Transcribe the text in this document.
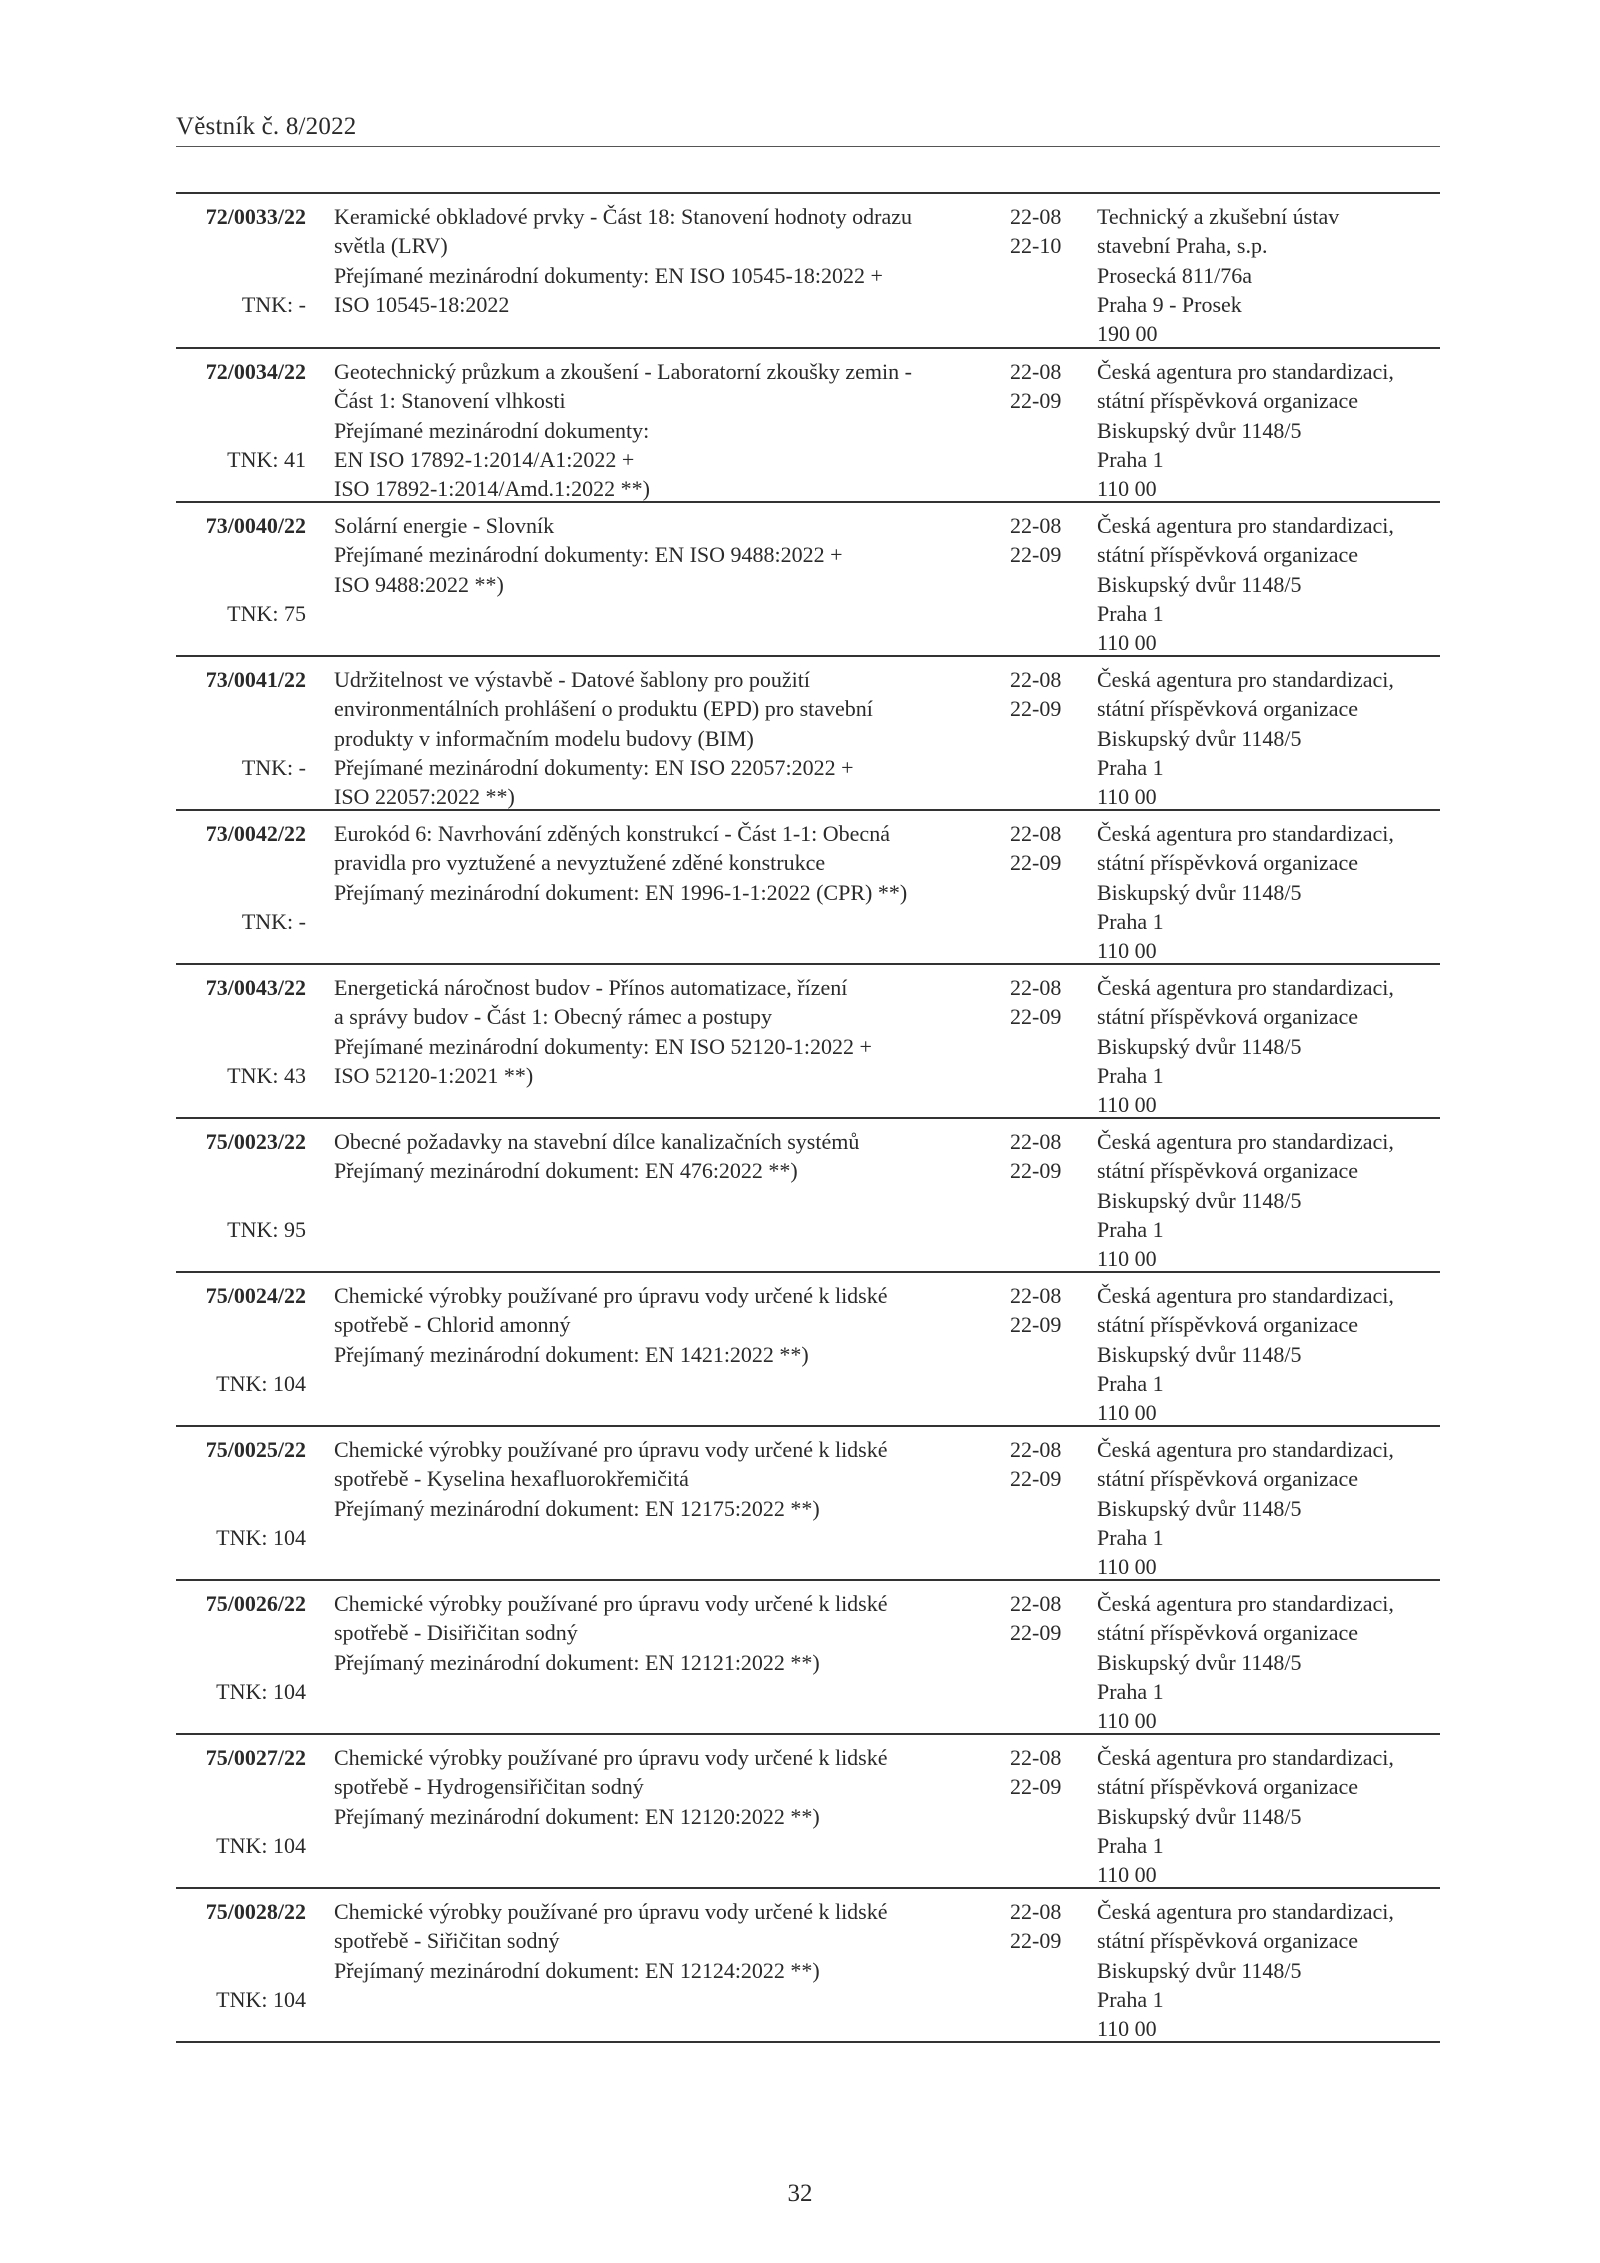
Věstník č. 8/2022
72/0033/22
TNK: -
Keramické obkladové prvky - Část 18: Stanovení hodnoty odrazu
světla (LRV)
Přejímané mezinárodní dokumenty: EN ISO 10545-18:2022 +
ISO 10545-18:2022
22-08
22-10
Technický a zkušební ústav
stavební Praha, s.p.
Prosecká 811/76a
Praha 9 - Prosek
190 00
72/0034/22
TNK: 41
Geotechnický průzkum a zkoušení - Laboratorní zkoušky zemin -
Část 1: Stanovení vlhkosti
Přejímané mezinárodní dokumenty:
EN ISO 17892-1:2014/A1:2022 +
ISO 17892-1:2014/Amd.1:2022 **)
22-08
22-09
Česká agentura pro standardizaci,
státní příspěvková organizace
Biskupský dvůr 1148/5
Praha 1
110 00
73/0040/22
TNK: 75
Solární energie - Slovník
Přejímané mezinárodní dokumenty: EN ISO 9488:2022 +
ISO 9488:2022 **)
22-08
22-09
Česká agentura pro standardizaci,
státní příspěvková organizace
Biskupský dvůr 1148/5
Praha 1
110 00
73/0041/22
TNK: -
Udržitelnost ve výstavbě - Datové šablony pro použití
environmentálních prohlášení o produktu (EPD) pro stavební
produkty v informačním modelu budovy (BIM)
Přejímané mezinárodní dokumenty: EN ISO 22057:2022 +
ISO 22057:2022 **)
22-08
22-09
Česká agentura pro standardizaci,
státní příspěvková organizace
Biskupský dvůr 1148/5
Praha 1
110 00
73/0042/22
TNK: -
Eurokód 6: Navrhování zděných konstrukcí - Část 1-1: Obecná
pravidla pro vyztužené a nevyztužené zděné konstrukce
Přejímaný mezinárodní dokument: EN 1996-1-1:2022 (CPR) **)
22-08
22-09
Česká agentura pro standardizaci,
státní příspěvková organizace
Biskupský dvůr 1148/5
Praha 1
110 00
73/0043/22
TNK: 43
Energetická náročnost budov - Přínos automatizace, řízení
a správy budov - Část 1: Obecný rámec a postupy
Přejímané mezinárodní dokumenty: EN ISO 52120-1:2022 +
ISO 52120-1:2021 **)
22-08
22-09
Česká agentura pro standardizaci,
státní příspěvková organizace
Biskupský dvůr 1148/5
Praha 1
110 00
75/0023/22
TNK: 95
Obecné požadavky na stavební dílce kanalizačních systémů
Přejímaný mezinárodní dokument: EN 476:2022 **)
22-08
22-09
Česká agentura pro standardizaci,
státní příspěvková organizace
Biskupský dvůr 1148/5
Praha 1
110 00
75/0024/22
TNK: 104
Chemické výrobky používané pro úpravu vody určené k lidské
spotřebě - Chlorid amonný
Přejímaný mezinárodní dokument: EN 1421:2022 **)
22-08
22-09
Česká agentura pro standardizaci,
státní příspěvková organizace
Biskupský dvůr 1148/5
Praha 1
110 00
75/0025/22
TNK: 104
Chemické výrobky používané pro úpravu vody určené k lidské
spotřebě - Kyselina hexafluorokřemičitá
Přejímaný mezinárodní dokument: EN 12175:2022 **)
22-08
22-09
Česká agentura pro standardizaci,
státní příspěvková organizace
Biskupský dvůr 1148/5
Praha 1
110 00
75/0026/22
TNK: 104
Chemické výrobky používané pro úpravu vody určené k lidské
spotřebě - Disiřičitan sodný
Přejímaný mezinárodní dokument: EN 12121:2022 **)
22-08
22-09
Česká agentura pro standardizaci,
státní příspěvková organizace
Biskupský dvůr 1148/5
Praha 1
110 00
75/0027/22
TNK: 104
Chemické výrobky používané pro úpravu vody určené k lidské
spotřebě - Hydrogensiřičitan sodný
Přejímaný mezinárodní dokument: EN 12120:2022 **)
22-08
22-09
Česká agentura pro standardizaci,
státní příspěvková organizace
Biskupský dvůr 1148/5
Praha 1
110 00
75/0028/22
TNK: 104
Chemické výrobky používané pro úpravu vody určené k lidské
spotřebě - Siřičitan sodný
Přejímaný mezinárodní dokument: EN 12124:2022 **)
22-08
22-09
Česká agentura pro standardizaci,
státní příspěvková organizace
Biskupský dvůr 1148/5
Praha 1
110 00
32
